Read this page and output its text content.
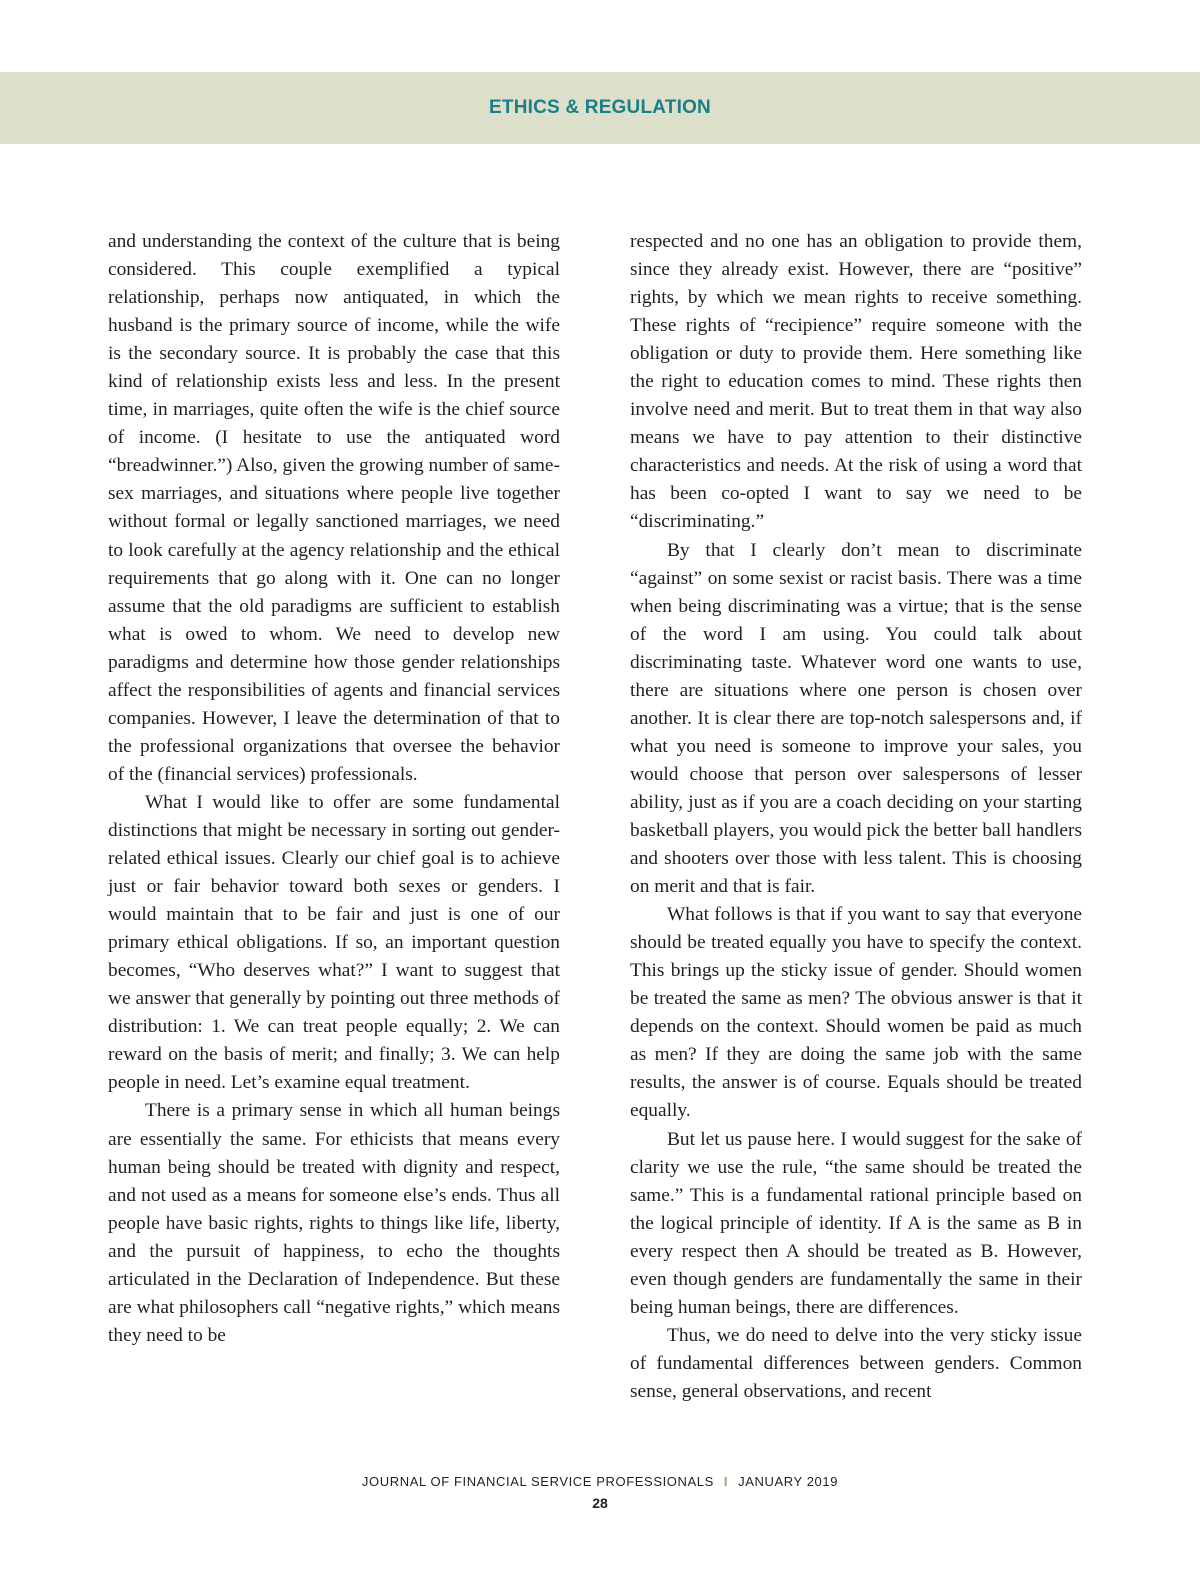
ETHICS & REGULATION

and understanding the context of the culture that is being considered. This couple exemplified a typical relationship, perhaps now antiquated, in which the husband is the primary source of income, while the wife is the secondary source. It is probably the case that this kind of relationship exists less and less. In the present time, in marriages, quite often the wife is the chief source of income. (I hesitate to use the antiquated word “breadwinner.”) Also, given the growing number of same-sex marriages, and situations where people live together without formal or legally sanctioned marriages, we need to look carefully at the agency relationship and the ethical requirements that go along with it. One can no longer assume that the old paradigms are sufficient to establish what is owed to whom. We need to develop new paradigms and determine how those gender relationships affect the responsibilities of agents and financial services companies. However, I leave the determination of that to the professional organizations that oversee the behavior of the (financial services) professionals.

What I would like to offer are some fundamental distinctions that might be necessary in sorting out gender-related ethical issues. Clearly our chief goal is to achieve just or fair behavior toward both sexes or genders. I would maintain that to be fair and just is one of our primary ethical obligations. If so, an important question becomes, “Who deserves what?” I want to suggest that we answer that generally by pointing out three methods of distribution: 1. We can treat people equally; 2. We can reward on the basis of merit; and finally; 3. We can help people in need. Let’s examine equal treatment.

There is a primary sense in which all human beings are essentially the same. For ethicists that means every human being should be treated with dignity and respect, and not used as a means for someone else’s ends. Thus all people have basic rights, rights to things like life, liberty, and the pursuit of happiness, to echo the thoughts articulated in the Declaration of Independence. But these are what philosophers call “negative rights,” which means they need to be

respected and no one has an obligation to provide them, since they already exist. However, there are “positive” rights, by which we mean rights to receive something. These rights of “recipience” require someone with the obligation or duty to provide them. Here something like the right to education comes to mind. These rights then involve need and merit. But to treat them in that way also means we have to pay attention to their distinctive characteristics and needs. At the risk of using a word that has been co-opted I want to say we need to be “discriminating.”

By that I clearly don’t mean to discriminate “against” on some sexist or racist basis. There was a time when being discriminating was a virtue; that is the sense of the word I am using. You could talk about discriminating taste. Whatever word one wants to use, there are situations where one person is chosen over another. It is clear there are top-notch salespersons and, if what you need is someone to improve your sales, you would choose that person over salespersons of lesser ability, just as if you are a coach deciding on your starting basketball players, you would pick the better ball handlers and shooters over those with less talent. This is choosing on merit and that is fair.

What follows is that if you want to say that everyone should be treated equally you have to specify the context. This brings up the sticky issue of gender. Should women be treated the same as men? The obvious answer is that it depends on the context. Should women be paid as much as men? If they are doing the same job with the same results, the answer is of course. Equals should be treated equally.

But let us pause here. I would suggest for the sake of clarity we use the rule, “the same should be treated the same.” This is a fundamental rational principle based on the logical principle of identity. If A is the same as B in every respect then A should be treated as B. However, even though genders are fundamentally the same in their being human beings, there are differences.

Thus, we do need to delve into the very sticky issue of fundamental differences between genders. Common sense, general observations, and recent

JOURNAL OF FINANCIAL SERVICE PROFESSIONALS I JANUARY 2019
28
